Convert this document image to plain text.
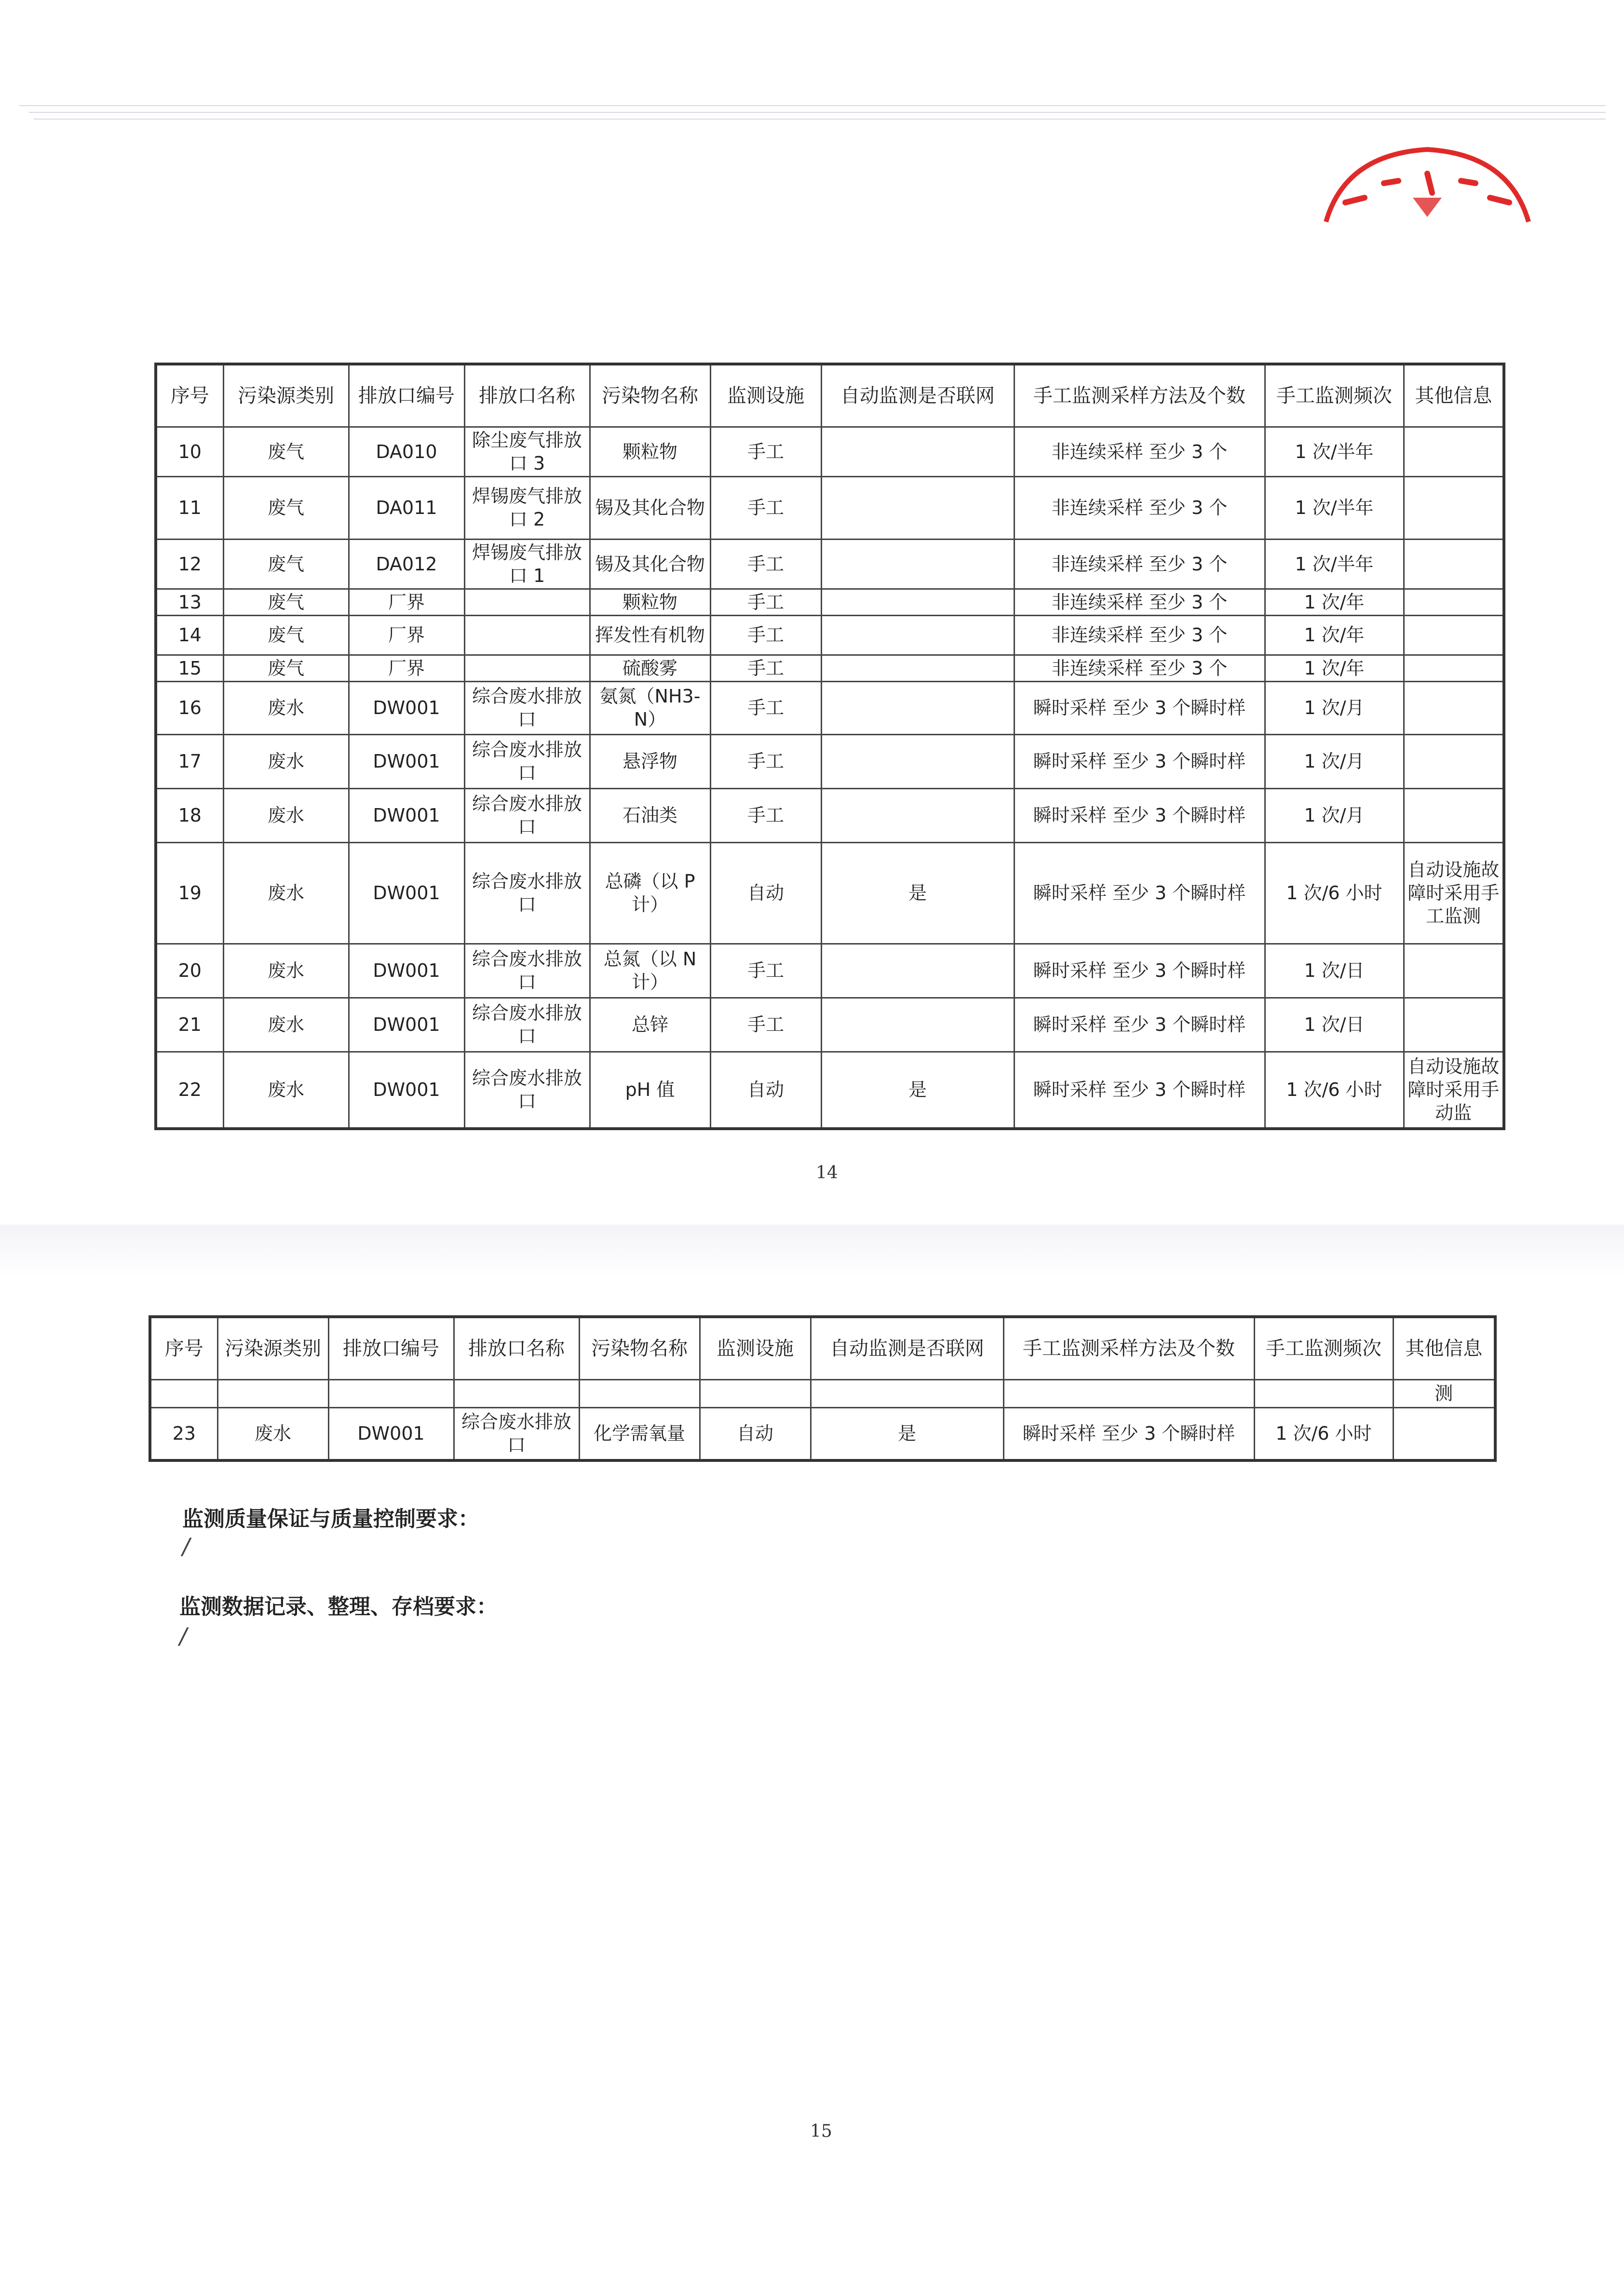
序号	污染源类别	排放口编号	排放口名称	污染物名称	监测设施	自动监测是否联网	手工监测采样方法及个数	手工监测频次	其他信息
10	废气	DA010	除尘废气排放口 3	颗粒物	手工		非连续采样 至少 3 个	1 次/半年	
11	废气	DA011	焊锡废气排放口 2	锡及其化合物	手工		非连续采样 至少 3 个	1 次/半年	
12	废气	DA012	焊锡废气排放口 1	锡及其化合物	手工		非连续采样 至少 3 个	1 次/半年	
13	废气	厂界		颗粒物	手工		非连续采样 至少 3 个	1 次/年	
14	废气	厂界		挥发性有机物	手工		非连续采样 至少 3 个	1 次/年	
15	废气	厂界		硫酸雾	手工		非连续采样 至少 3 个	1 次/年	
16	废水	DW001	综合废水排放口	氨氮（NH3-N）	手工		瞬时采样 至少 3 个瞬时样	1 次/月	
17	废水	DW001	综合废水排放口	悬浮物	手工		瞬时采样 至少 3 个瞬时样	1 次/月	
18	废水	DW001	综合废水排放口	石油类	手工		瞬时采样 至少 3 个瞬时样	1 次/月	
19	废水	DW001	综合废水排放口	总磷（以 P 计）	自动	是	瞬时采样 至少 3 个瞬时样	1 次/6 小时	自动设施故障时采用手工监测
20	废水	DW001	综合废水排放口	总氮（以 N 计）	手工		瞬时采样 至少 3 个瞬时样	1 次/日	
21	废水	DW001	综合废水排放口	总锌	手工		瞬时采样 至少 3 个瞬时样	1 次/日	
22	废水	DW001	综合废水排放口	pH 值	自动	是	瞬时采样 至少 3 个瞬时样	1 次/6 小时	自动设施故障时采用手动监
14
序号	污染源类别	排放口编号	排放口名称	污染物名称	监测设施	自动监测是否联网	手工监测采样方法及个数	手工监测频次	其他信息
									测
23	废水	DW001	综合废水排放口	化学需氧量	自动	是	瞬时采样 至少 3 个瞬时样	1 次/6 小时	
监测质量保证与质量控制要求：
/
监测数据记录、整理、存档要求：
/
15
